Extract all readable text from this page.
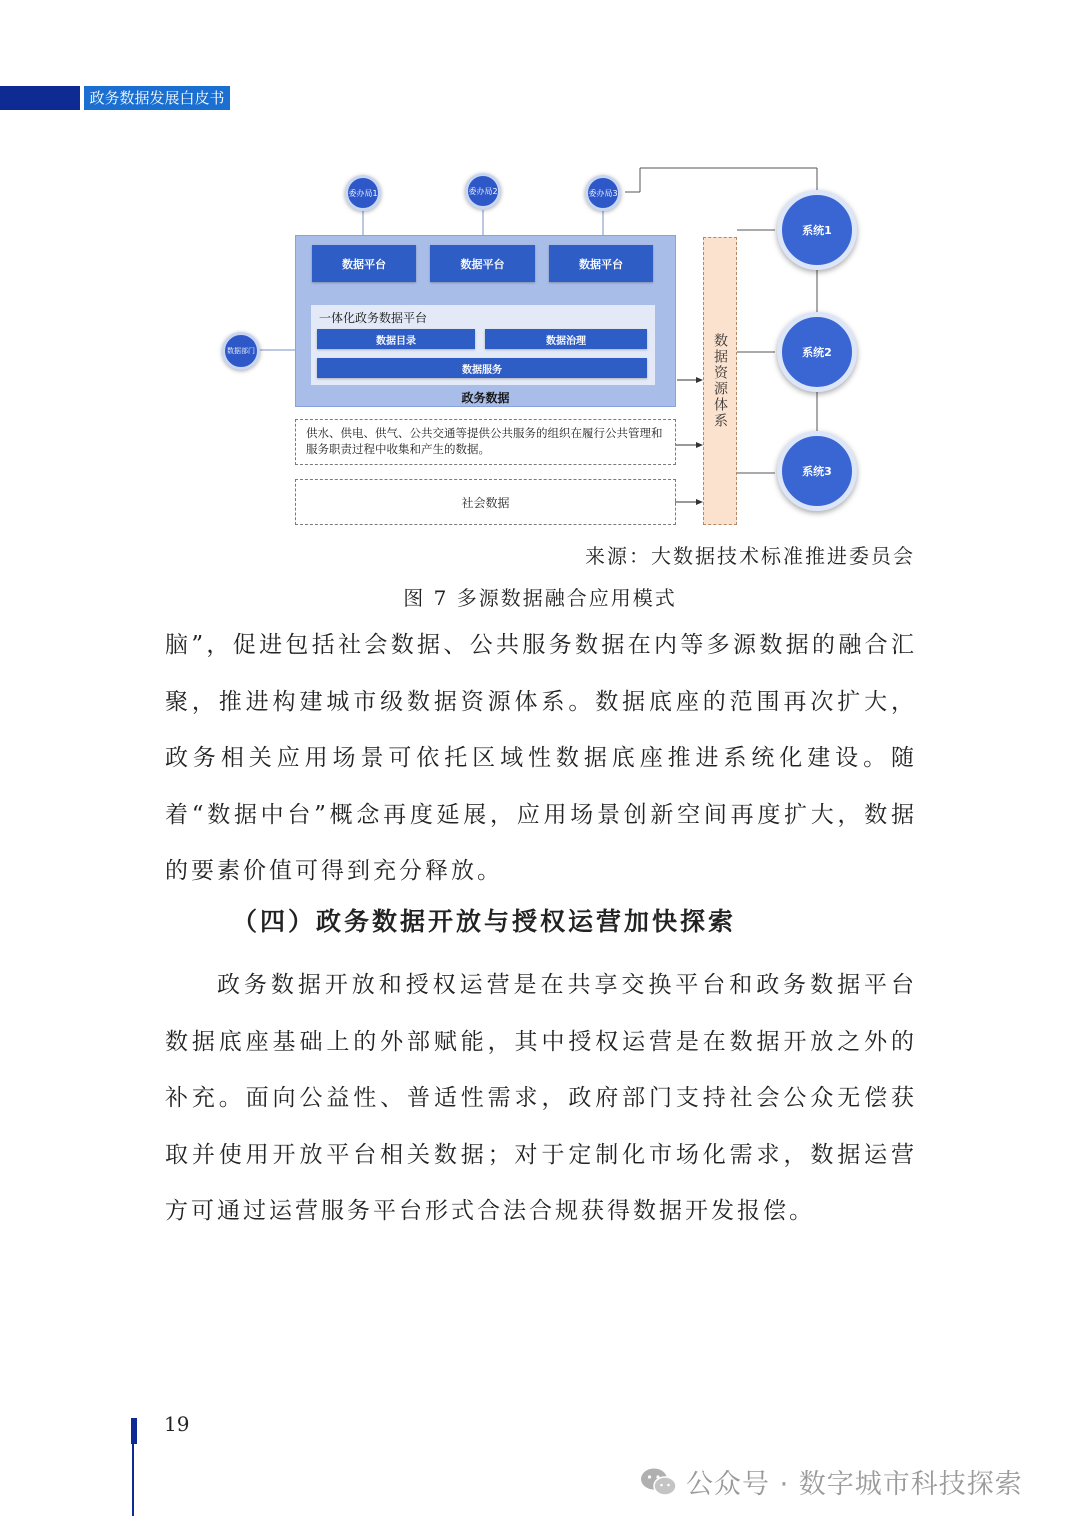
政务数据发展白皮书
委办局1	委办局2	委办局3
数据平台	数据平台	数据平台
一体化政务数据平台
数据目录	数据治理
数据服务
政务数据
数据部门
供水、供电、供气、公共交通等提供公共服务的组织在履行公共管理和服务职责过程中收集和产生的数据。
社会数据
数据资源体系
系统1
系统2
系统3
来源：大数据技术标准推进委员会
图 7 多源数据融合应用模式

脑”，促进包括社会数据、公共服务数据在内等多源数据的融合汇聚，推进构建城市级数据资源体系。数据底座的范围再次扩大，政务相关应用场景可依托区域性数据底座推进系统化建设。随着“数据中台”概念再度延展，应用场景创新空间再度扩大，数据的要素价值可得到充分释放。

（四）政务数据开放与授权运营加快探索

政务数据开放和授权运营是在共享交换平台和政务数据平台数据底座基础上的外部赋能，其中授权运营是在数据开放之外的补充。面向公益性、普适性需求，政府部门支持社会公众无偿获取并使用开放平台相关数据；对于定制化市场化需求，数据运营方可通过运营服务平台形式合法合规获得数据开发报偿。

19
公众号 · 数字城市科技探索
